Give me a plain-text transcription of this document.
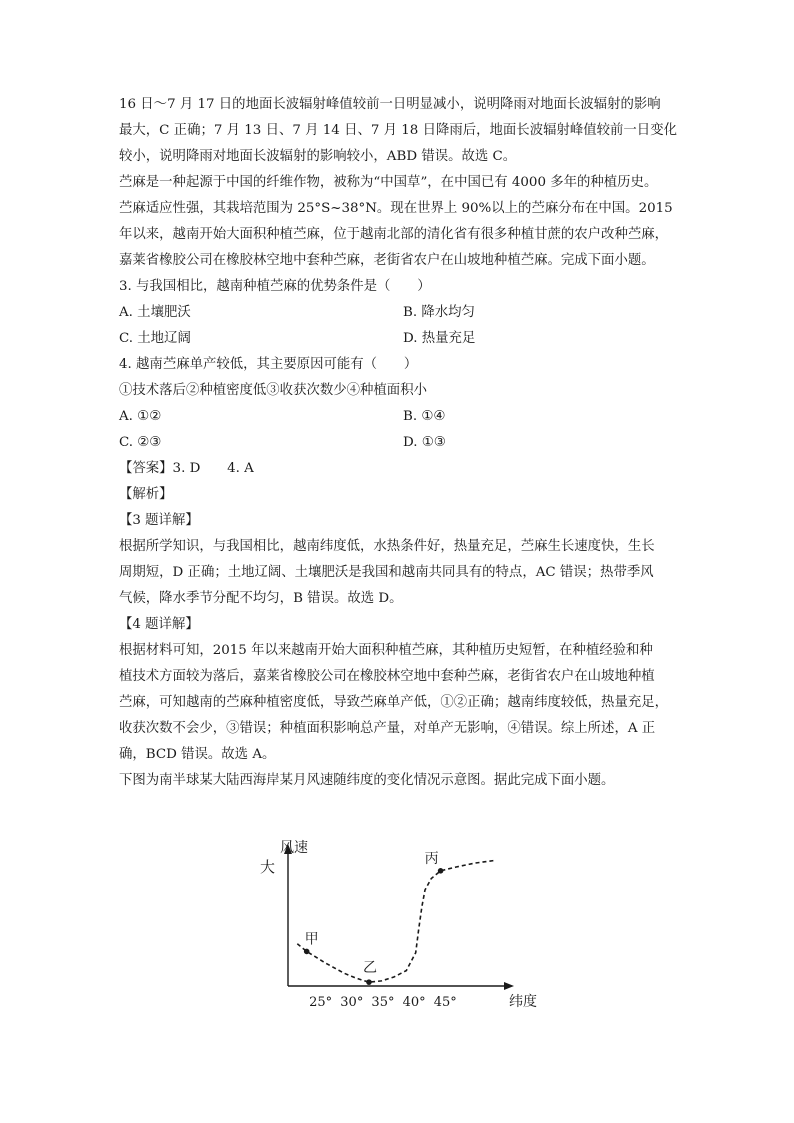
16 日～7 月 17 日的地面长波辐射峰值较前一日明显减小，说明降雨对地面长波辐射的影响
最大，C 正确；7 月 13 日、7 月 14 日、7 月 18 日降雨后，地面长波辐射峰值较前一日变化
较小，说明降雨对地面长波辐射的影响较小，ABD 错误。故选 C。
苎麻是一种起源于中国的纤维作物，被称为“中国草”，在中国已有 4000 多年的种植历史。
苎麻适应性强，其栽培范围为 25°S~38°N。现在世界上 90%以上的苎麻分布在中国。2015
年以来，越南开始大面积种植苎麻，位于越南北部的清化省有很多种植甘蔗的农户改种苎麻，
嘉莱省橡胶公司在橡胶林空地中套种苎麻，老街省农户在山坡地种植苎麻。完成下面小题。
3. 与我国相比，越南种植苎麻的优势条件是（　　）
A. 土壤肥沃	B. 降水均匀
C. 土地辽阔	D. 热量充足
4. 越南苎麻单产较低，其主要原因可能有（　　）
①技术落后②种植密度低③收获次数少④种植面积小
A. ①②	B. ①④
C. ②③	D. ①③
【答案】3. D　　4. A
【解析】
【3 题详解】
根据所学知识，与我国相比，越南纬度低，水热条件好，热量充足，苎麻生长速度快，生长
周期短，D 正确；土地辽阔、土壤肥沃是我国和越南共同具有的特点，AC 错误；热带季风
气候，降水季节分配不均匀，B 错误。故选 D。
【4 题详解】
根据材料可知，2015 年以来越南开始大面积种植苎麻，其种植历史短暂，在种植经验和种
植技术方面较为落后，嘉莱省橡胶公司在橡胶林空地中套种苎麻，老街省农户在山坡地种植
苎麻，可知越南的苎麻种植密度低，导致苎麻单产低，①②正确；越南纬度较低，热量充足，
收获次数不会少，③错误；种植面积影响总产量，对单产无影响，④错误。综上所述，A 正
确，BCD 错误。故选 A。
下图为南半球某大陆西海岸某月风速随纬度的变化情况示意图。据此完成下面小题。
风速
大
纬度
25° 30° 35° 40° 45°
甲
乙
丙
